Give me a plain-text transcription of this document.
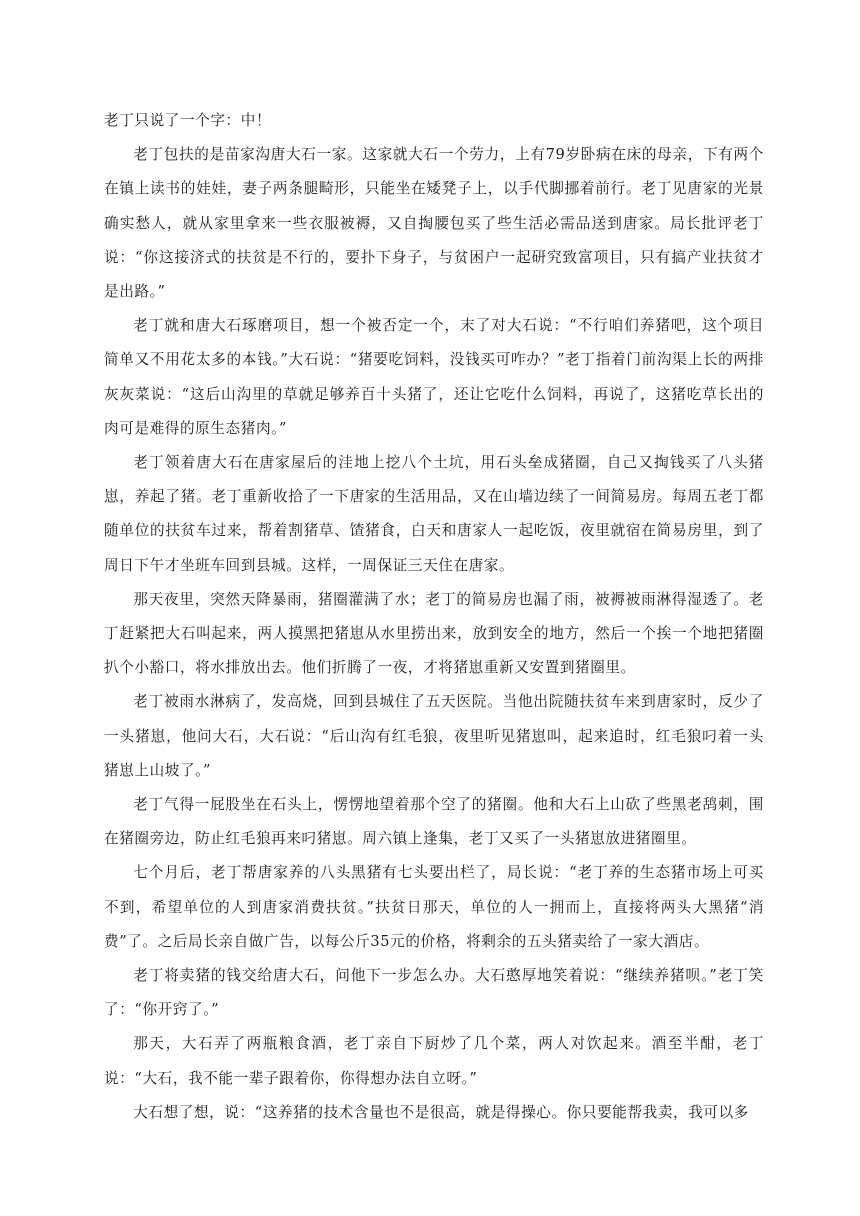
老丁只说了一个字：中！

老丁包扶的是苗家沟唐大石一家。这家就大石一个劳力，上有79岁卧病在床的母亲，下有两个在镇上读书的娃娃，妻子两条腿畸形，只能坐在矮凳子上，以手代脚挪着前行。老丁见唐家的光景确实愁人，就从家里拿来一些衣服被褥，又自掏腰包买了些生活必需品送到唐家。局长批评老丁说：“你这接济式的扶贫是不行的，要扑下身子，与贫困户一起研究致富项目，只有搞产业扶贫才是出路。”

老丁就和唐大石琢磨项目，想一个被否定一个，末了对大石说：“不行咱们养猪吧，这个项目简单又不用花太多的本钱。”大石说：“猪要吃饲料，没钱买可咋办？”老丁指着门前沟渠上长的两排灰灰菜说：“这后山沟里的草就足够养百十头猪了，还让它吃什么饲料，再说了，这猪吃草长出的肉可是难得的原生态猪肉。”

老丁领着唐大石在唐家屋后的洼地上挖八个土坑，用石头垒成猪圈，自己又掏钱买了八头猪崽，养起了猪。老丁重新收拾了一下唐家的生活用品，又在山墙边续了一间简易房。每周五老丁都随单位的扶贫车过来，帮着割猪草、馇猪食，白天和唐家人一起吃饭，夜里就宿在简易房里，到了周日下午才坐班车回到县城。这样，一周保证三天住在唐家。

那天夜里，突然天降暴雨，猪圈灌满了水；老丁的简易房也漏了雨，被褥被雨淋得湿透了。老丁赶紧把大石叫起来，两人摸黑把猪崽从水里捞出来，放到安全的地方，然后一个挨一个地把猪圈扒个小豁口，将水排放出去。他们折腾了一夜，才将猪崽重新又安置到猪圈里。

老丁被雨水淋病了，发高烧，回到县城住了五天医院。当他出院随扶贫车来到唐家时，反少了一头猪崽，他问大石，大石说：“后山沟有红毛狼，夜里听见猪崽叫，起来追时，红毛狼叼着一头猪崽上山坡了。”

老丁气得一屁股坐在石头上，愣愣地望着那个空了的猪圈。他和大石上山砍了些黑老鸹刺，围在猪圈旁边，防止红毛狼再来叼猪崽。周六镇上逢集，老丁又买了一头猪崽放进猪圈里。

七个月后，老丁帮唐家养的八头黑猪有七头要出栏了，局长说：“老丁养的生态猪市场上可买不到，希望单位的人到唐家消费扶贫。”扶贫日那天，单位的人一拥而上，直接将两头大黑猪“消费”了。之后局长亲自做广告，以每公斤35元的价格，将剩余的五头猪卖给了一家大酒店。

老丁将卖猪的钱交给唐大石，问他下一步怎么办。大石憨厚地笑着说：“继续养猪呗。”老丁笑了：“你开窍了。”

那天，大石弄了两瓶粮食酒，老丁亲自下厨炒了几个菜，两人对饮起来。酒至半酣，老丁说：“大石，我不能一辈子跟着你，你得想办法自立呀。”

大石想了想，说：“这养猪的技术含量也不是很高，就是得操心。你只要能帮我卖，我可以多
